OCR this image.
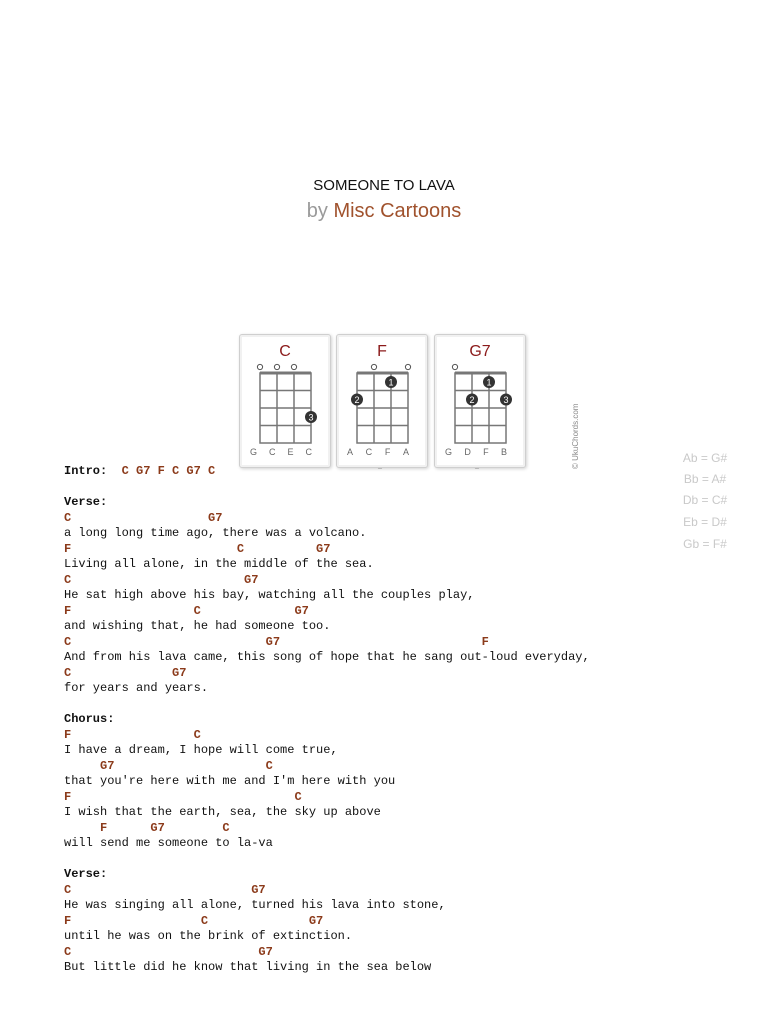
SOMEONE TO LAVA
by Misc Cartoons
C
3
G C E C
F
1
2
A C F A
G7
1
2	3
© UkuChords.com
G D F B	Ab = G#
Bb = A#
Db = C#
Eb = D#
Gb = F#
Intro: C G7 F C G7 C
Verse:
C                   G7
a long long time ago, there was a volcano.
F                       C          G7
Living all alone, in the middle of the sea.
C                        G7
He sat high above his bay, watching all the couples play,
F                 C             G7
and wishing that, he had someone too.
C                           G7                            F
And from his lava came, this song of hope that he sang out-loud everyday,
C              G7
for years and years.
Chorus:
F                 C
I have a dream, I hope will come true,
G7                     C
that you're here with me and I'm here with you
F                               C
I wish that the earth, sea, the sky up above
F      G7        C
will send me someone to la-va
Verse:
C                         G7
He was singing all alone, turned his lava into stone,
F                  C              G7
until he was on the brink of extinction.
C                          G7
But little did he know that living in the sea below
